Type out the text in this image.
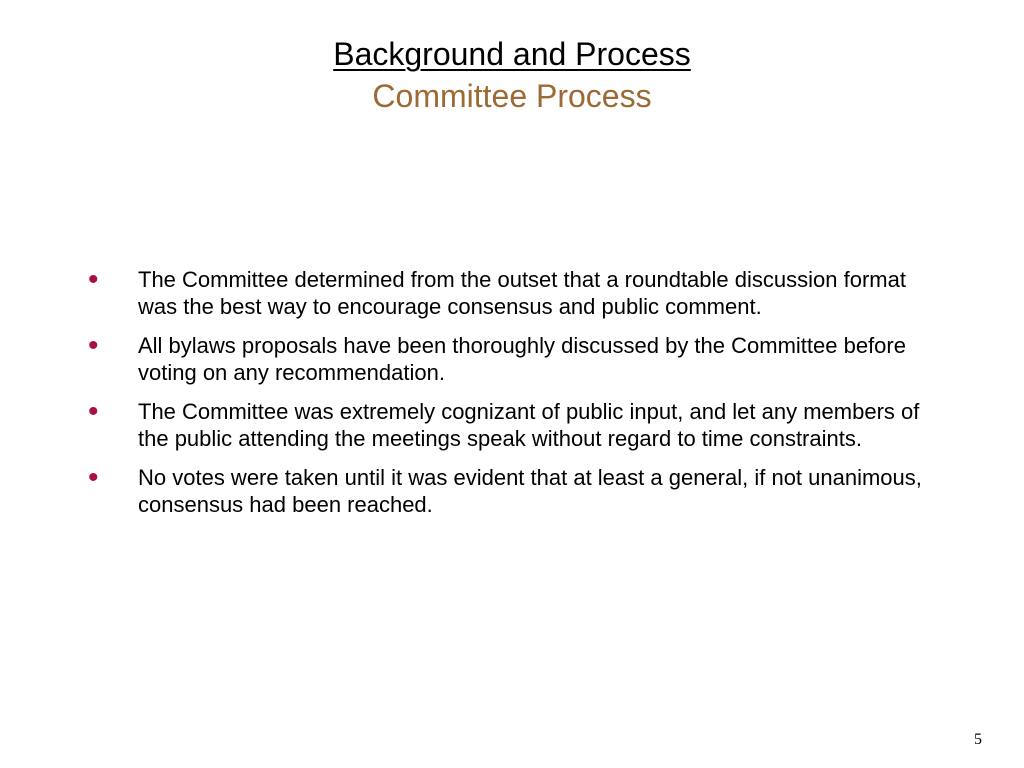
Background and Process
Committee Process
•	The Committee determined from the outset that a roundtable discussion format was the best way to encourage consensus and public comment.
•	All bylaws proposals have been thoroughly discussed by the Committee before voting on any recommendation.
•	The Committee was extremely cognizant of public input, and let any members of the public attending the meetings speak without regard to time constraints.
•	No votes were taken until it was evident that at least a general, if not unanimous, consensus had been reached.
5
